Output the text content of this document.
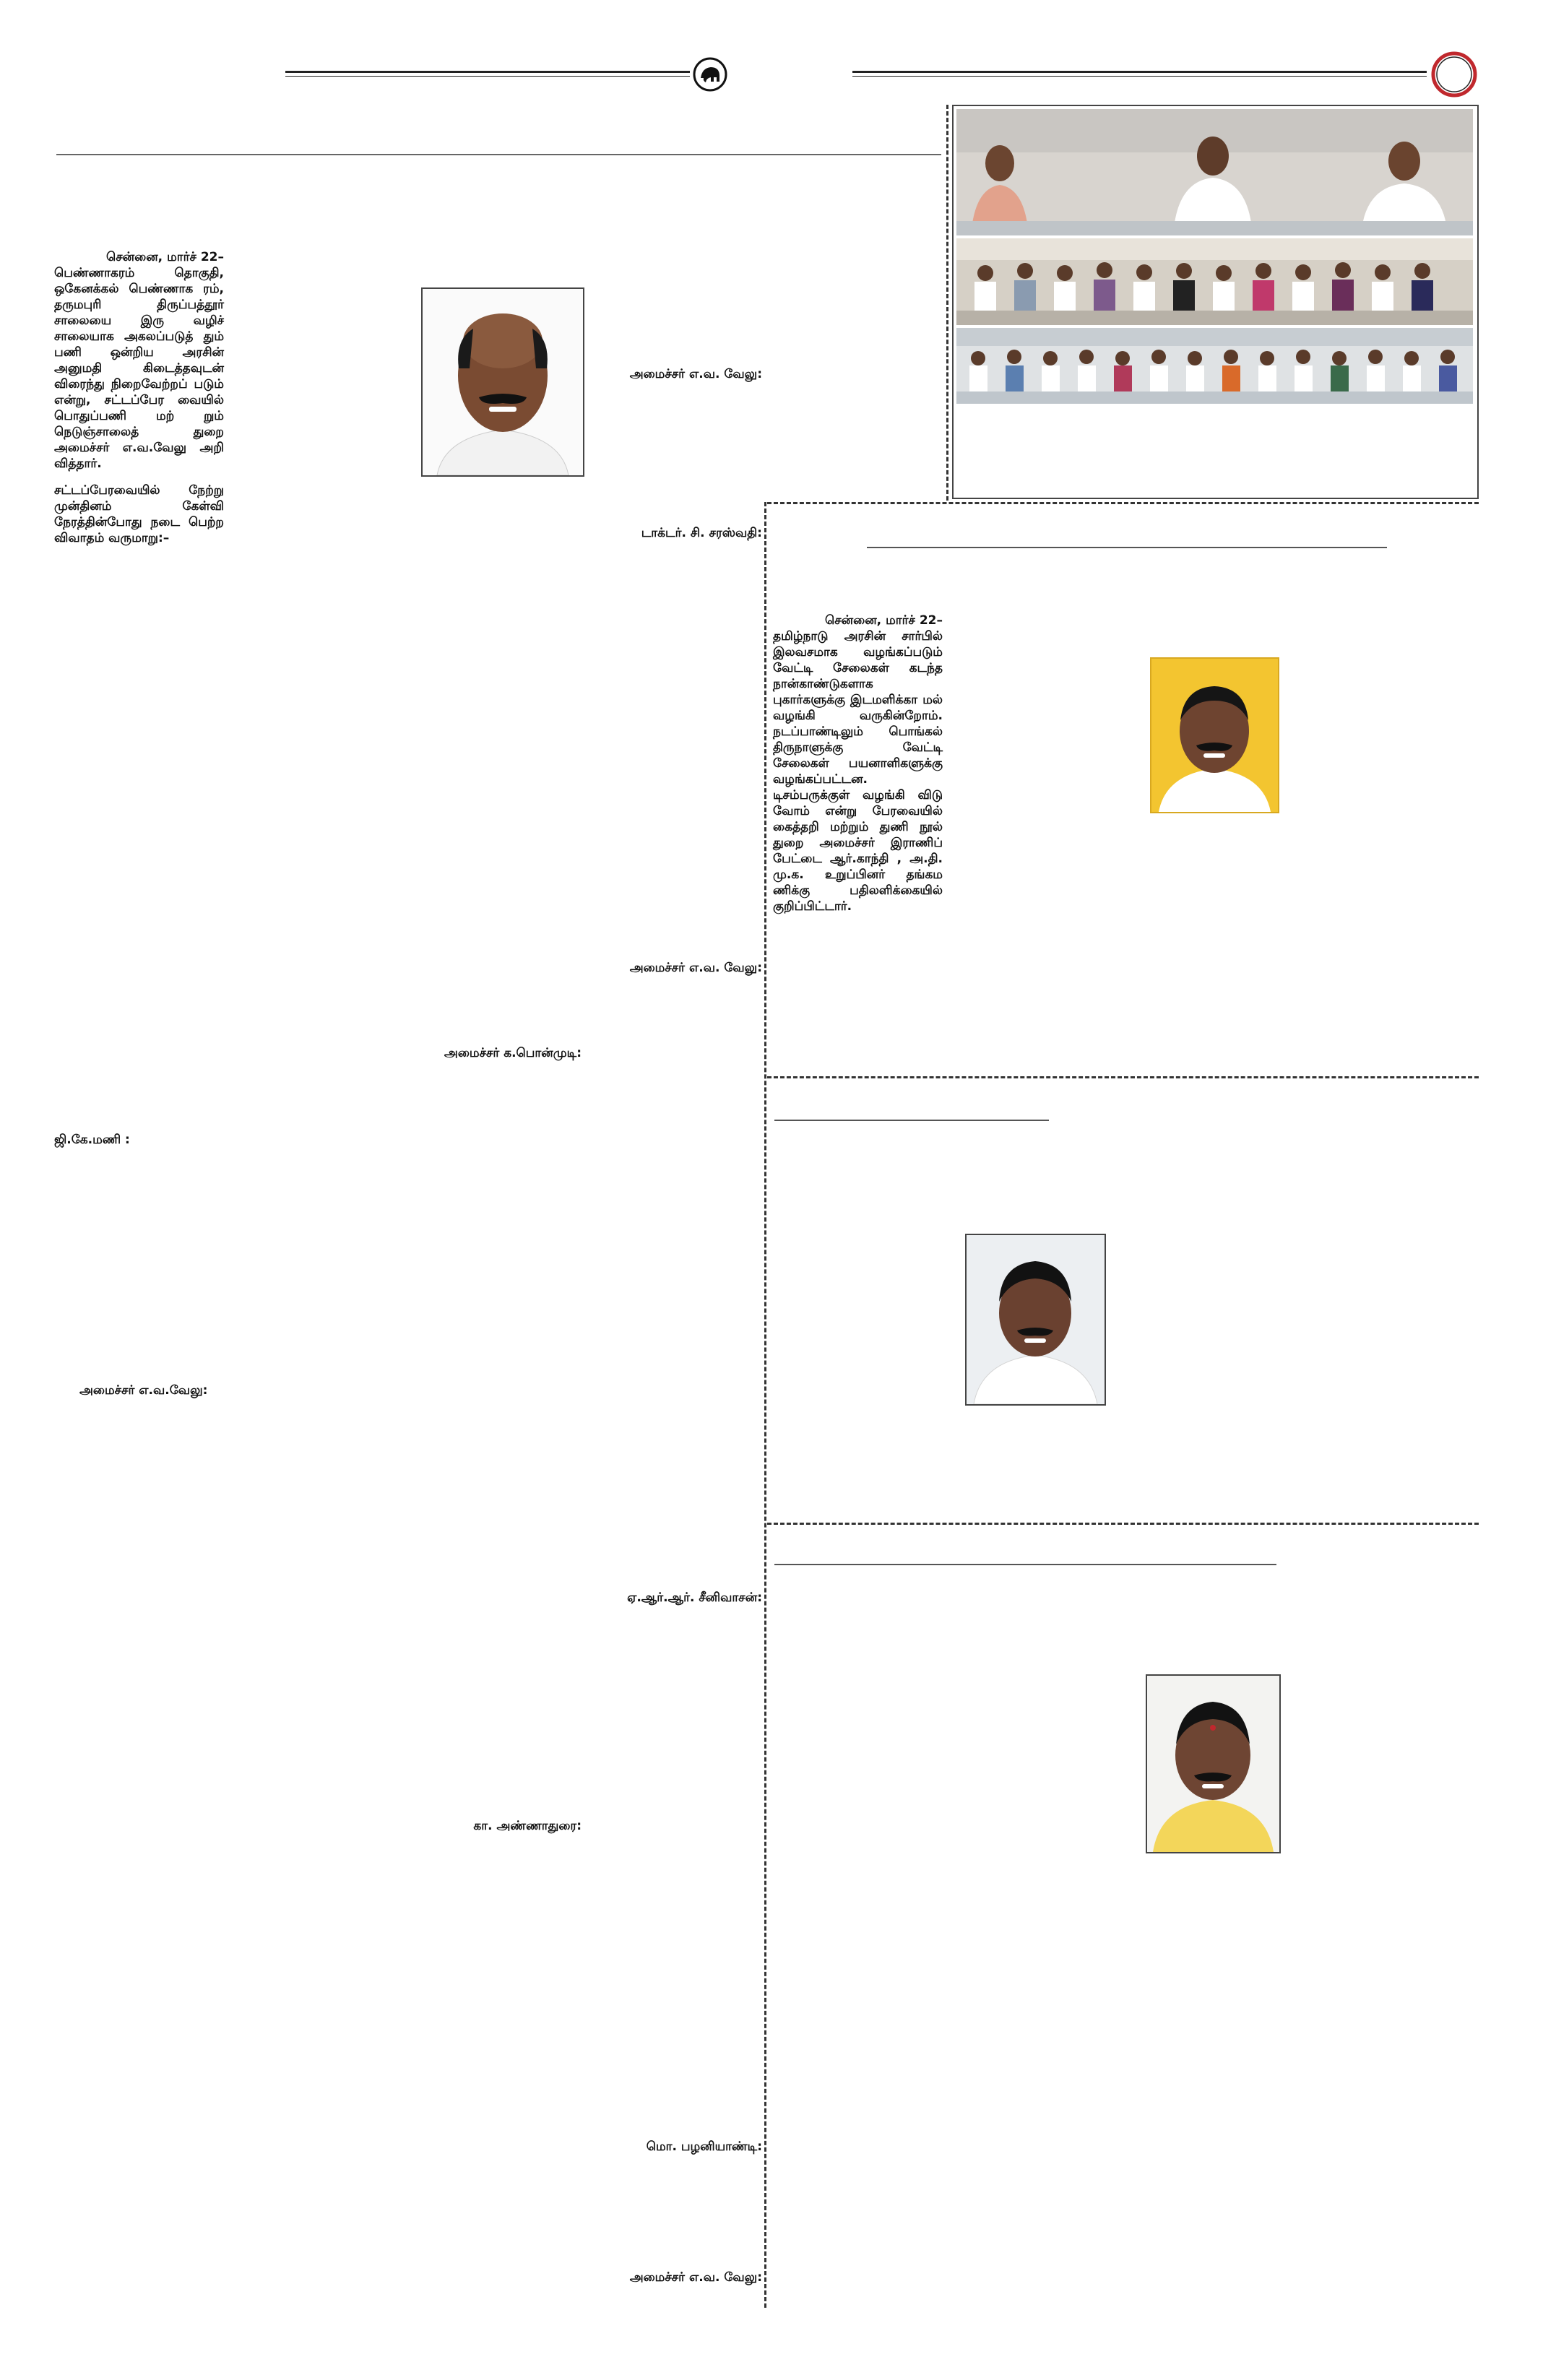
சென்னை, மார்ச் 22–
பெண்ணாகரம் தொகுதி, ஒகேனக்கல் பெண்ணாக ரம், தருமபுரி திருப்பத்தூர் சாலையை இரு வழிச் சாலையாக அகலப்படுத் தும் பணி ஒன்றிய அரசின் அனுமதி கிடைத்தவுடன் விரைந்து நிறைவேற்றப் படும் என்று, சட்டப்பேர வையில் பொதுப்பணி மற் றும் நெடுஞ்சாலைத் துறை அமைச்சர் எ.வ.வேலு அறி வித்தார்.
சட்டப்பேரவையில் நேற்று முன்தினம் கேள்வி நேரத்தின்போது நடை பெற்ற விவாதம் வருமாறு:–
அமைச்சர் எ.வ. வேலு:
டாக்டர். சி. சரஸ்வதி:
அமைச்சர் எ.வ. வேலு:
அமைச்சர் க.பொன்முடி:
ஜி.கே.மணி :
அமைச்சர் எ.வ.வேலு:
ஏ.ஆர்.ஆர். சீனிவாசன்:
கா. அண்ணாதுரை:
மொ. பழனியாண்டி:
அமைச்சர் எ.வ. வேலு:
சென்னை, மார்ச் 22–
தமிழ்நாடு அரசின் சார்பில் இலவசமாக வழங்கப்படும் வேட்டி சேலைகள் கடந்த நான்காண்டுகளாக புகார்களுக்கு இடமளிக்கா மல் வழங்கி வருகின்றோம். நடப்பாண்டிலும் பொங்கல் திருநாளுக்கு வேட்டி சேலைகள் பயனாளிகளுக்கு வழங்கப்பட்டன. டிசம்பருக்குள் வழங்கி விடு வோம் என்று பேரவையில் கைத்தறி மற்றும் துணி நூல் துறை அமைச்சர் இராணிப் பேட்டை ஆர்.காந்தி , அ.தி. மு.க. உறுப்பினர் தங்கம ணிக்கு பதிலளிக்கையில் குறிப்பிட்டார்.
